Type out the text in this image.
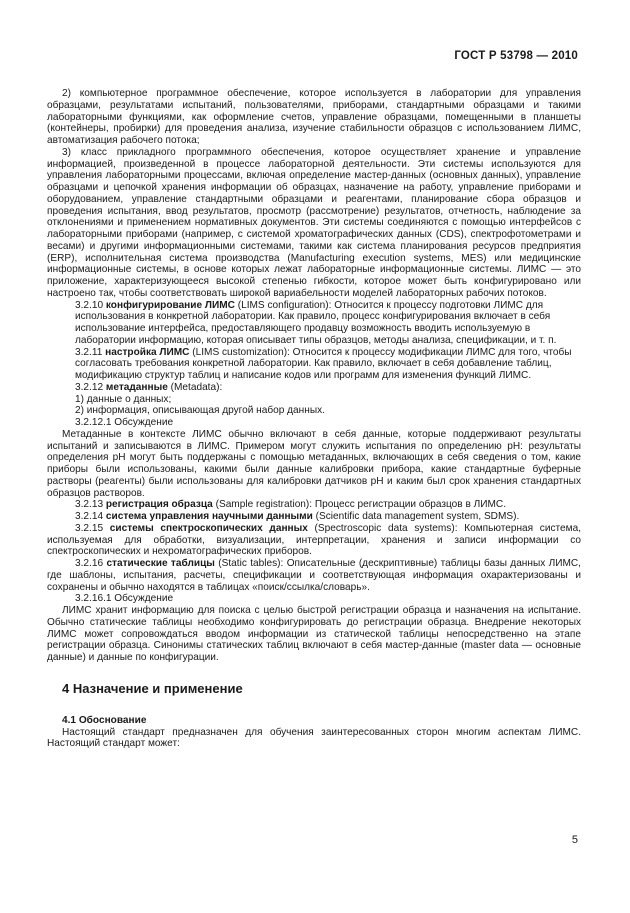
ГОСТ Р 53798 — 2010

2) компьютерное программное обеспечение, которое используется в лаборатории для управления образцами, результатами испытаний, пользователями, приборами, стандартными образцами и такими лабораторными функциями, как оформление счетов, управление образцами, помещенными в планшеты (контейнеры, пробирки) для проведения анализа, изучение стабильности образцов с использованием ЛИМС, автоматизация рабочего потока;

3) класс прикладного программного обеспечения, которое осуществляет хранение и управление информацией, произведенной в процессе лабораторной деятельности. Эти системы используются для управления лабораторными процессами, включая определение мастер-данных (основных данных), управление образцами и цепочкой хранения информации об образцах, назначение на работу, управление приборами и оборудованием, управление стандартными образцами и реагентами, планирование сбора образцов и проведения испытания, ввод результатов, просмотр (рассмотрение) результатов, отчетность, наблюдение за отклонениями и применением нормативных документов. Эти системы соединяются с помощью интерфейсов с лабораторными приборами (например, с системой хроматографических данных (CDS), спектрофотометрами и весами) и другими информационными системами, такими как система планирования ресурсов предприятия (ERP), исполнительная система производства (Manufacturing execution systems, MES) или медицинские информационные системы, в основе которых лежат лабораторные информационные системы. ЛИМС — это приложение, характеризующееся высокой степенью гибкости, которое может быть конфигурировано или настроено так, чтобы соответствовать широкой вариабельности моделей лабораторных рабочих потоков.

3.2.10 конфигурирование ЛИМС (LIMS configuration): Относится к процессу подготовки ЛИМС для использования в конкретной лаборатории. Как правило, процесс конфигурирования включает в себя использование интерфейса, предоставляющего продавцу возможность вводить используемую в лаборатории информацию, которая описывает типы образцов, методы анализа, спецификации, и т. п.

3.2.11 настройка ЛИМС (LIMS customization): Относится к процессу модификации ЛИМС для того, чтобы согласовать требования конкретной лаборатории. Как правило, включает в себя добавление таблиц, модификацию структур таблиц и написание кодов или программ для изменения функций ЛИМС.

3.2.12 метаданные (Metadata):

1) данные о данных;

2) информация, описывающая другой набор данных.

3.2.12.1 Обсуждение

Метаданные в контексте ЛИМС обычно включают в себя данные, которые поддерживают результаты испытаний и записываются в ЛИМС. Примером могут служить испытания по определению pH: результаты определения pH могут быть поддержаны с помощью метаданных, включающих в себя сведения о том, какие приборы были использованы, какими были данные калибровки прибора, какие стандартные буферные растворы (реагенты) были использованы для калибровки датчиков pH и каким был срок хранения стандартных образцов растворов.

3.2.13 регистрация образца (Sample registration): Процесс регистрации образцов в ЛИМС.

3.2.14 система управления научными данными (Scientific data management system, SDMS).

3.2.15 системы спектроскопических данных (Spectroscopic data systems): Компьютерная система, используемая для обработки, визуализации, интерпретации, хранения и записи информации со спектроскопических и нехроматографических приборов.

3.2.16 статические таблицы (Static tables): Описательные (дескриптивные) таблицы базы данных ЛИМС, где шаблоны, испытания, расчеты, спецификации и соответствующая информация охарактеризованы и сохранены и обычно находятся в таблицах «поиск/ссылка/словарь».

3.2.16.1 Обсуждение

ЛИМС хранит информацию для поиска с целью быстрой регистрации образца и назначения на испытание. Обычно статические таблицы необходимо конфигурировать до регистрации образца. Внедрение некоторых ЛИМС может сопровождаться вводом информации из статической таблицы непосредственно на этапе регистрации образца. Синонимы статических таблиц включают в себя мастер-данные (master data — основные данные) и данные по конфигурации.

4 Назначение и применение
4.1 Обоснование

Настоящий стандарт предназначен для обучения заинтересованных сторон многим аспектам ЛИМС. Настоящий стандарт может:

5
